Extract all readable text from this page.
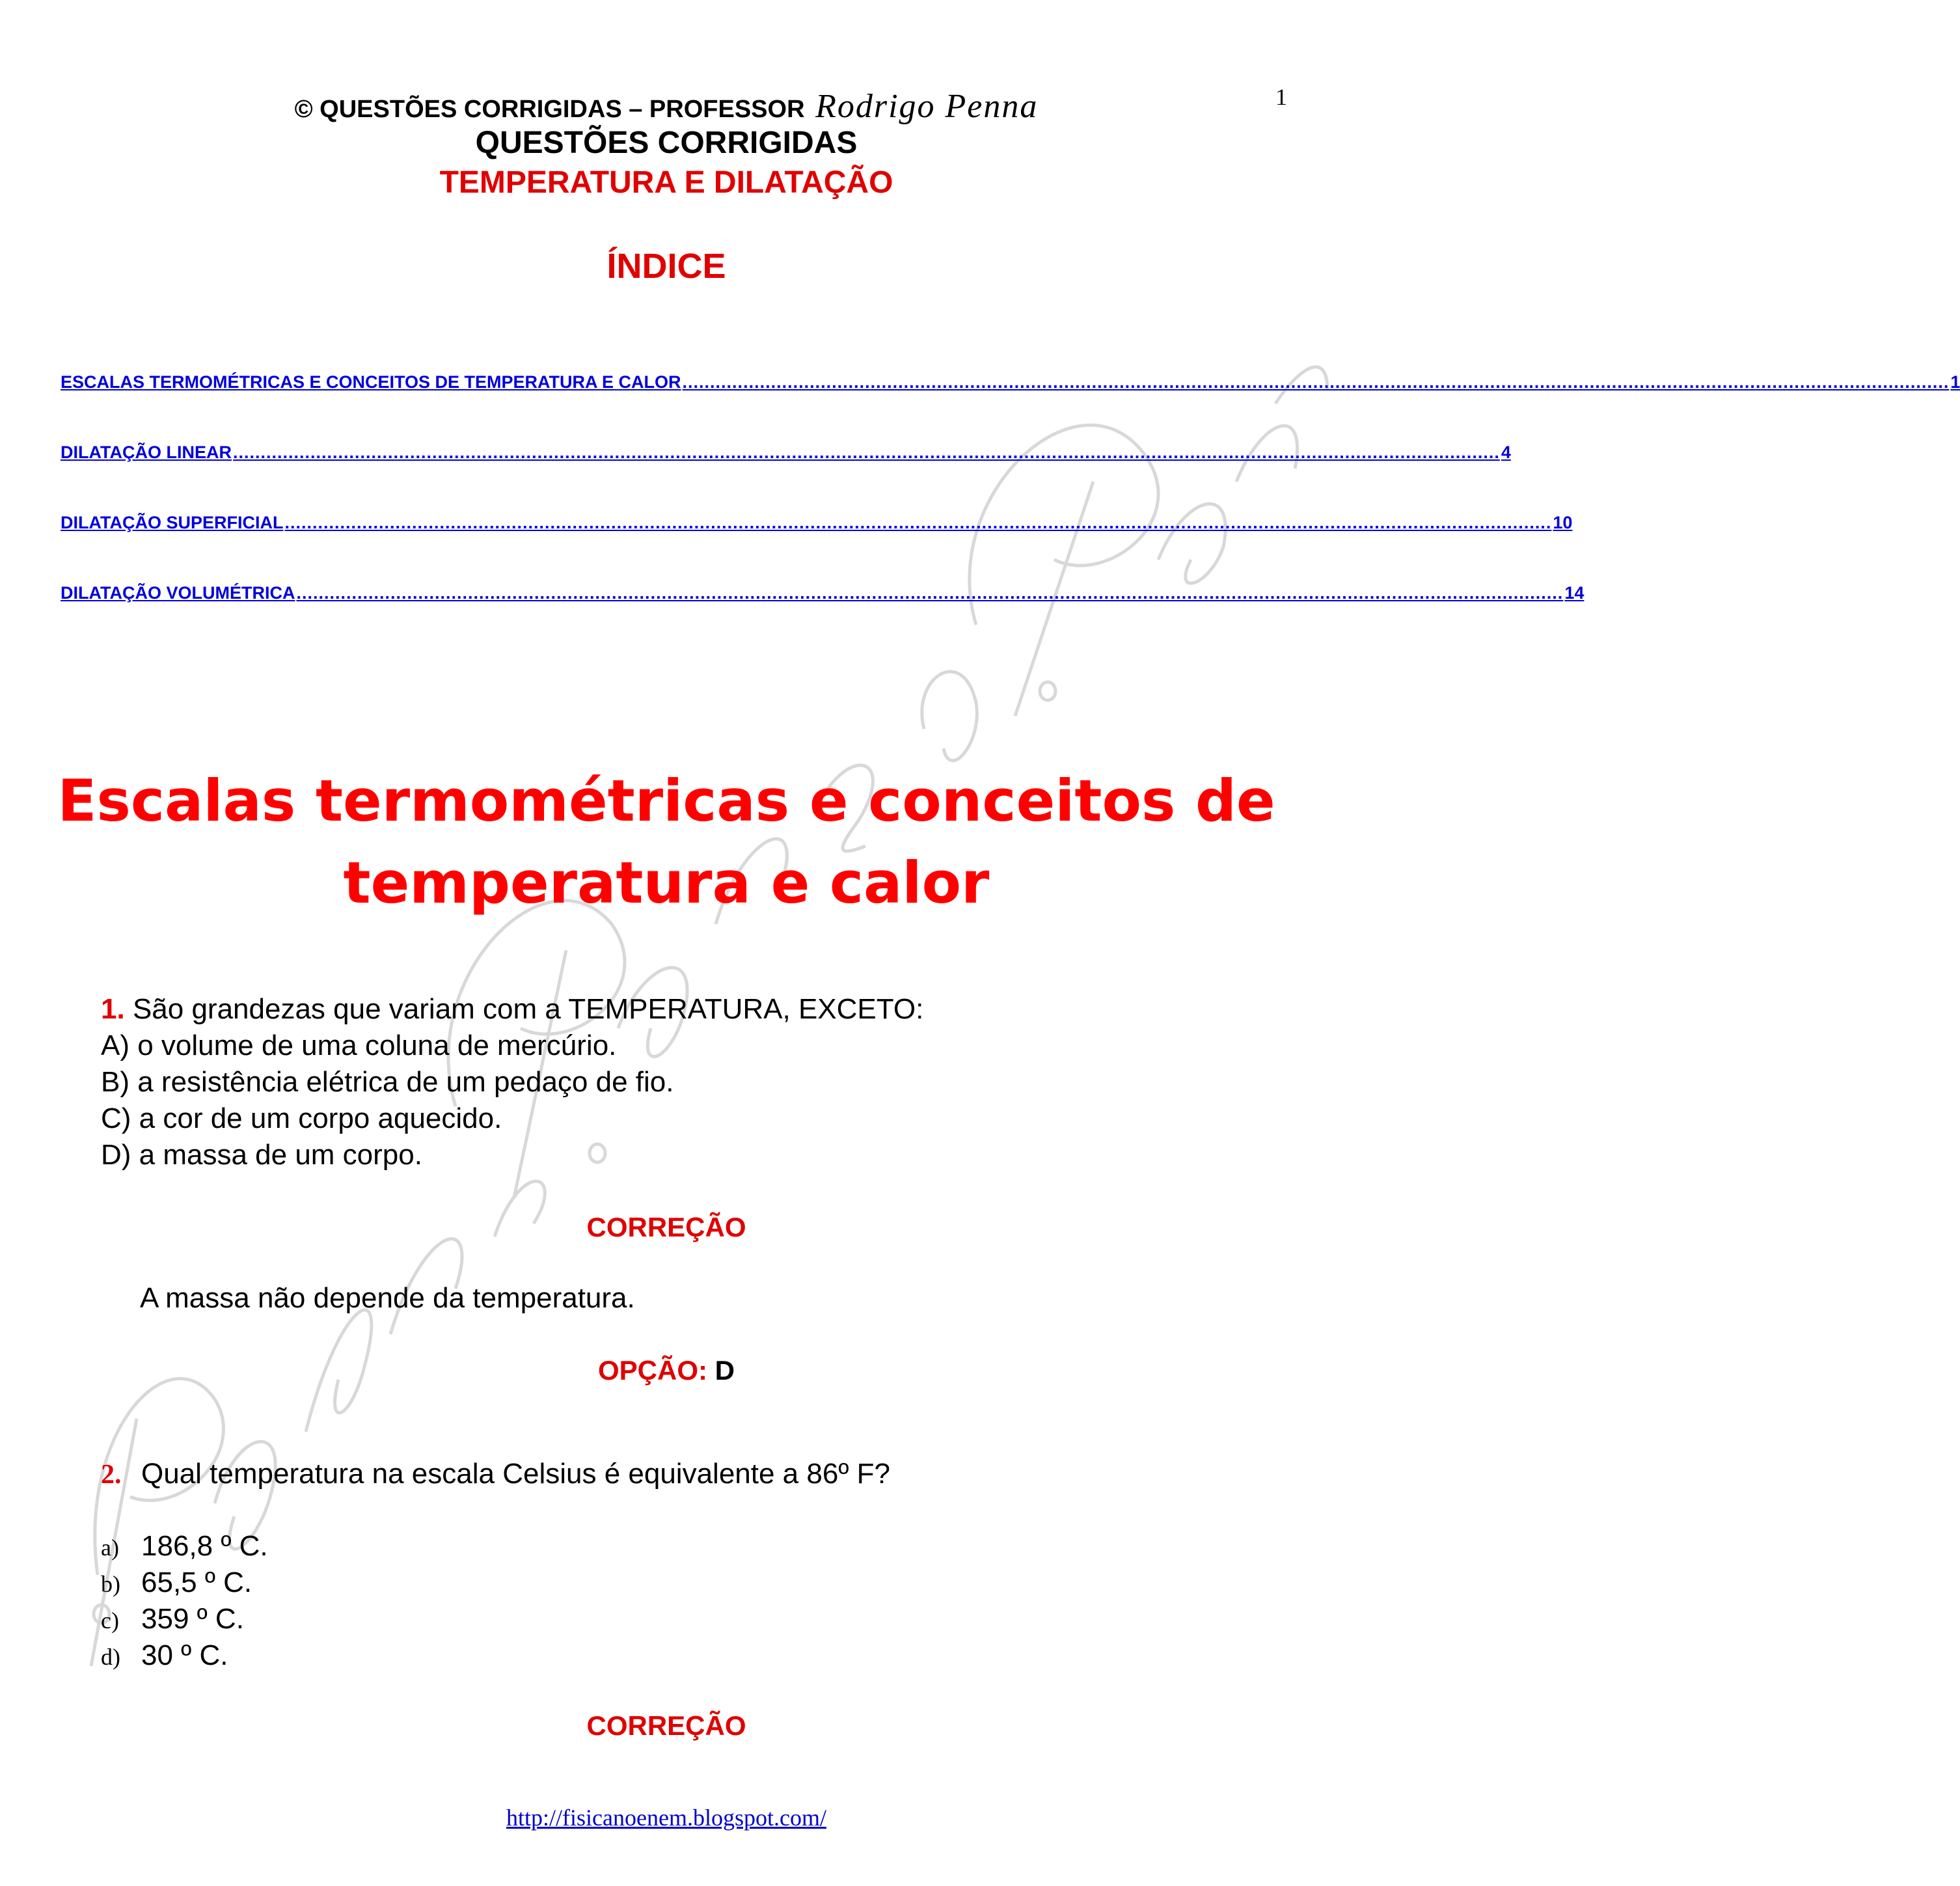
1
© QUESTÕES CORRIGIDAS – PROFESSOR Rodrigo Penna
QUESTÕES CORRIGIDAS
TEMPERATURA E DILATAÇÃO
ÍNDICE
ESCALAS TERMOMÉTRICAS E CONCEITOS DE TEMPERATURA E CALOR ..................................................................................................................................................................................................................................... 1
DILATAÇÃO LINEAR ..................................................................................................................................................................................................................................... 4
DILATAÇÃO SUPERFICIAL ..................................................................................................................................................................................................................................... 10
DILATAÇÃO VOLUMÉTRICA ..................................................................................................................................................................................................................................... 14
Escalas termométricas e conceitos de
temperatura e calor
1. São grandezas que variam com a TEMPERATURA, EXCETO:
A) o volume de uma coluna de mercúrio.
B) a resistência elétrica de um pedaço de fio.
C) a cor de um corpo aquecido.
D) a massa de um corpo.
CORREÇÃO
A massa não depende da temperatura.
OPÇÃO: D
2. Qual temperatura na escala Celsius é equivalente a 86º F?
a) 186,8 º C.
b) 65,5 º C.
c) 359 º C.
d) 30 º C.
CORREÇÃO
http://fisicanoenem.blogspot.com/
